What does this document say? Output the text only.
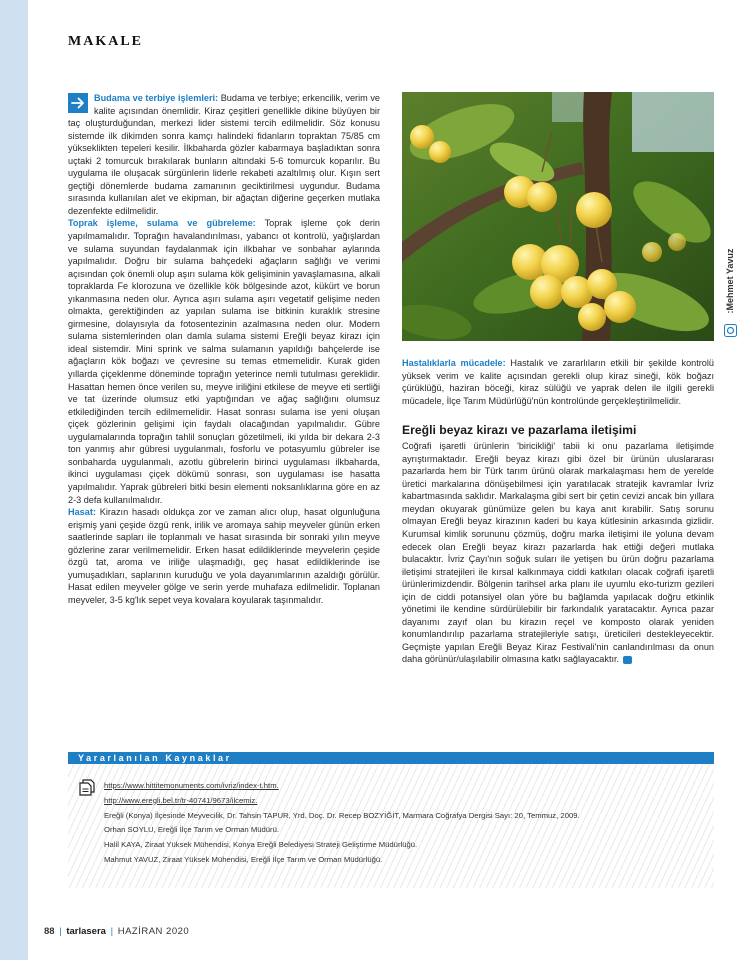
MAKALE

Budama ve terbiye işlemleri: Budama ve terbiye; erkencilik, verim ve kalite açısından önemlidir. Kiraz çeşitleri genellikle dikine büyüyen bir taç oluşturduğundan, merkezi lider sistemi tercih edilmelidir. Söz konusu sistemde ilk dikimden sonra kamçı halindeki fidanların topraktan 75/85 cm yükseklikten tepeleri kesilir. İlkbaharda gözler kabarmaya başladıktan sonra uçtaki 2 tomurcuk bırakılarak bunların altındaki 5-6 tomurcuk koparılır. Bu uygulama ile oluşacak sürgünlerin liderle rekabeti azaltılmış olur. Kışın sert geçtiği dönemlerde budama zamanının geciktirilmesi uygundur. Budama sırasında kullanılan alet ve ekipman, bir ağaçtan diğerine geçerken mutlaka dezenfekte edilmelidir.

Toprak işleme, sulama ve gübreleme: Toprak işleme çok derin yapılmamalıdır. Toprağın havalandırılması, yabancı ot kontrolü, yağışlardan ve sulama suyundan faydalanmak için ilkbahar ve sonbahar aylarında yapılmalıdır. Doğru bir sulama bahçedeki ağaçların sağlığı ve verimi açısından çok önemli olup aşırı sulama kök gelişiminin yavaşlamasına, alkali topraklarda Fe klorozuna ve özellikle kök bölgesinde azot, kükürt ve borun yıkanmasına neden olur. Ayrıca aşırı sulama aşırı vegetatif gelişime neden olmakta, gerektiğinden az yapılan sulama ise bitkinin kuraklık stresine girmesine, dolayısıyla da fotosentezinin azalmasına neden olur. Modern sulama sistemlerinden olan damla sulama sistemi Ereğli beyaz kirazı için ideal sistemdir. Mini sprink ve salma sulamanın yapıldığı bahçelerde ise ağaçların kök boğazı ve çevresine su temas etmemelidir. Kurak giden yıllarda çiçeklenme döneminde toprağın yeterince nemli tutulması gereklidir. Hasattan hemen önce verilen su, meyve iriliğini etkilese de meyve eti sertliği ve tat üzerinde olumsuz etki yaptığından ve ağaç sağlığını olumsuz etkilediğinden tercih edilmemelidir. Hasat sonrası sulama ise yeni oluşan çiçek gözlerinin gelişimi için faydalı olacağından yapılmalıdır. Gübre uygulamalarında toprağın tahlil sonuçları gözetilmeli, iki yılda bir dekara 2-3 ton yanmış ahır gübresi uygulanmalı, fosforlu ve potasyumlu gübreler ise sonbaharda uygulanmalı, azotlu gübrelerin birinci uygulaması ilkbaharda, ikinci uygulaması çiçek dökümü sonrası, son uygulaması ise hasatta yapılmalıdır. Yaprak gübreleri bitki besin elementi noksanlıklarına göre en az 2-3 defa kullanılmalıdır.

Hasat: Kirazın hasadı oldukça zor ve zaman alıcı olup, hasat olgunluğuna erişmiş yani çeşide özgü renk, irilik ve aromaya sahip meyveler günün erken saatlerinde sapları ile toplanmalı ve hasat sırasında bir sonraki yılın meyve gözlerine zarar verilmemelidir. Erken hasat edildiklerinde meyvelerin çeşide özgü tat, aroma ve iriliğe ulaşmadığı, geç hasat edildiklerinde ise yumuşadıkları, saplarının kuruduğu ve yola dayanımlarının azaldığı görülür. Hasat edilen meyveler gölge ve serin yerde muhafaza edilmelidir. Toplanan meyveler, 3-5 kg'lık sepet veya kovalara koyularak taşınmalıdır.

:Mehmet Yavuz

Hastalıklarla mücadele: Hastalık ve zararlıların etkili bir şekilde kontrolü yüksek verim ve kalite açısından gerekli olup kiraz sineği, kök boğazı çürüklüğü, haziran böceği, kiraz sülüğü ve yaprak delen ile ilgili gerekli mücadele, İlçe Tarım Müdürlüğü'nün kontrolünde gerçekleştirilmelidir.

Ereğli beyaz kirazı ve pazarlama iletişimi

Coğrafi işaretli ürünlerin 'biricikliği' tabii ki onu pazarlama iletişimde ayrıştırmaktadır. Ereğli beyaz kirazı gibi özel bir ürünün uluslararası pazarlarda hem bir Türk tarım ürünü olarak markalaşması hem de yerelde üretici markalarına dönüşebilmesi için yaratılacak stratejik kavramlar İvriz kabartmasında saklıdır. Markalaşma gibi sert bir çetin cevizi ancak bin yıllara meydan okuyarak günümüze gelen bu kaya anıt kırabilir. Satış sorunu olmayan Ereğli beyaz kirazının kaderi bu kaya kütlesinin arkasında gizlidir. Kurumsal kimlik sorununu çözmüş, doğru marka iletişimi ile yoluna devam edecek olan Ereğli beyaz kirazı pazarlarda hak ettiği değeri mutlaka bulacaktır. İvriz Çayı'nın soğuk suları ile yetişen bu ürün doğru pazarlama iletişimi stratejileri ile kırsal kalkınmaya ciddi katkıları olacak coğrafi işaretli ürünlerimizdendir. Bölgenin tarihsel arka planı ile uyumlu eko-turizm gezileri için de ciddi potansiyel olan yöre bu bağlamda yapılacak doğru etkinlik yönetimi ile kendine sürdürülebilir bir farkındalık yaratacaktır. Ayrıca pazar dayanımı zayıf olan bu kirazın reçel ve komposto olarak yeniden konumlandırılıp pazarlama stratejileriyle satışı, üreticileri destekleyecektir. Geçmişte yapılan Ereğli Beyaz Kiraz Festivali'nin canlandırılması da onun daha görünür/ulaşılabilir olmasına katkı sağlayacaktır.

Yararlanılan Kaynaklar
https://www.hittitemonuments.com/ivriz/index-t.htm.
http://www.eregli.bel.tr/tr-40741/9673/ilcemiz.
Ereğli (Konya) İlçesinde Meyvecilik, Dr. Tahsin TAPUR, Yrd. Doç. Dr. Recep BOZYİĞİT, Marmara Coğrafya Dergisi Sayı: 20, Temmuz, 2009.
Orhan SOYLU, Ereğli İlçe Tarım ve Orman Müdürü.
Halil KAYA, Ziraat Yüksek Mühendisi, Konya Ereğli Belediyesi Strateji Geliştirme Müdürlüğü.
Mahmut YAVUZ, Ziraat Yüksek Mühendisi, Ereğli İlçe Tarım ve Orman Müdürlüğü.
88 | tarlasera | HAZİRAN 2020
